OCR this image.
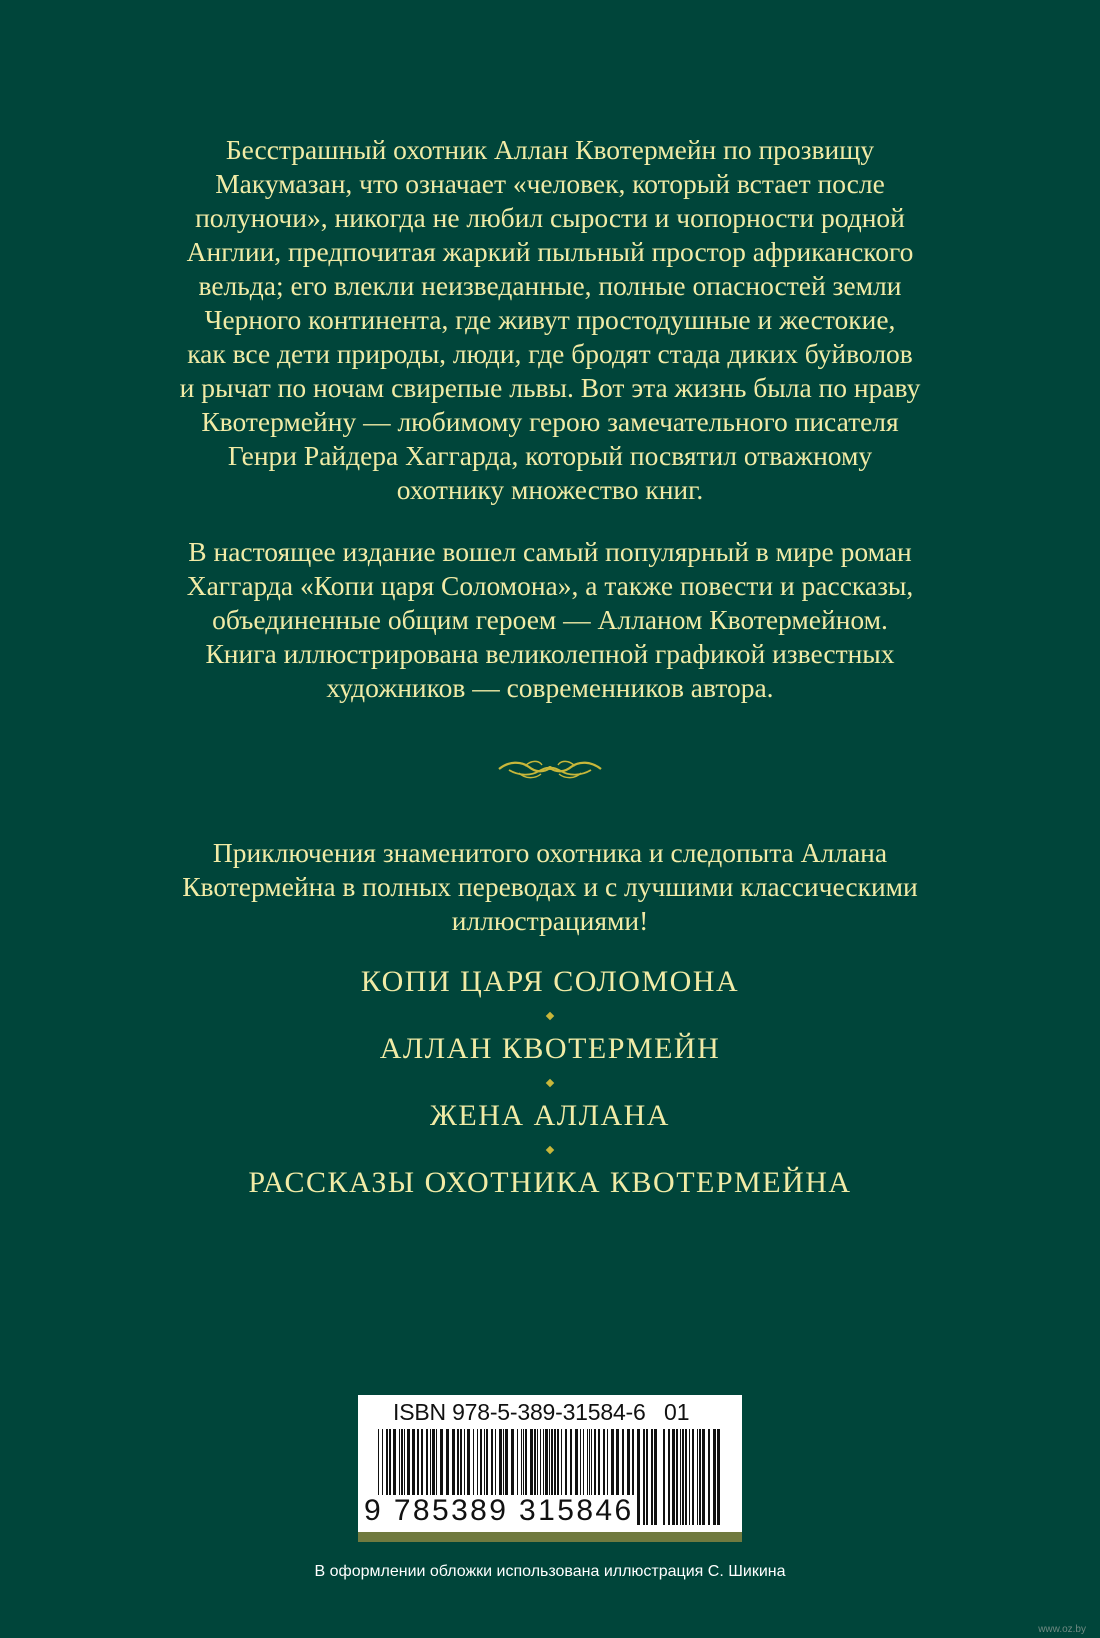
Бесстрашный охотник Аллан Квотермейн по прозвищу
Макумазан, что означает «человек, который встает после
полуночи», никогда не любил сырости и чопорности родной
Англии, предпочитая жаркий пыльный простор африканского
вельда; его влекли неизведанные, полные опасностей земли
Черного континента, где живут простодушные и жестокие,
как все дети природы, люди, где бродят стада диких буйволов
и рычат по ночам свирепые львы. Вот эта жизнь была по нраву
Квотермейну — любимому герою замечательного писателя
Генри Райдера Хаггарда, который посвятил отважному
охотнику множество книг.
В настоящее издание вошел самый популярный в мире роман
Хаггарда «Копи царя Соломона», а также повести и рассказы,
объединенные общим героем — Алланом Квотермейном.
Книга иллюстрирована великолепной графикой известных
художников — современников автора.
Приключения знаменитого охотника и следопыта Аллана
Квотермейна в полных переводах и с лучшими классическими
иллюстрациями!
КОПИ ЦАРЯ СОЛОМОНА
АЛЛАН КВОТЕРМЕЙН
ЖЕНА АЛЛАНА
РАССКАЗЫ ОХОТНИКА КВОТЕРМЕЙНА
ISBN 978-5-389-31584-6 01
9 785389 315846
В оформлении обложки использована иллюстрация С. Шикина
www.oz.by
